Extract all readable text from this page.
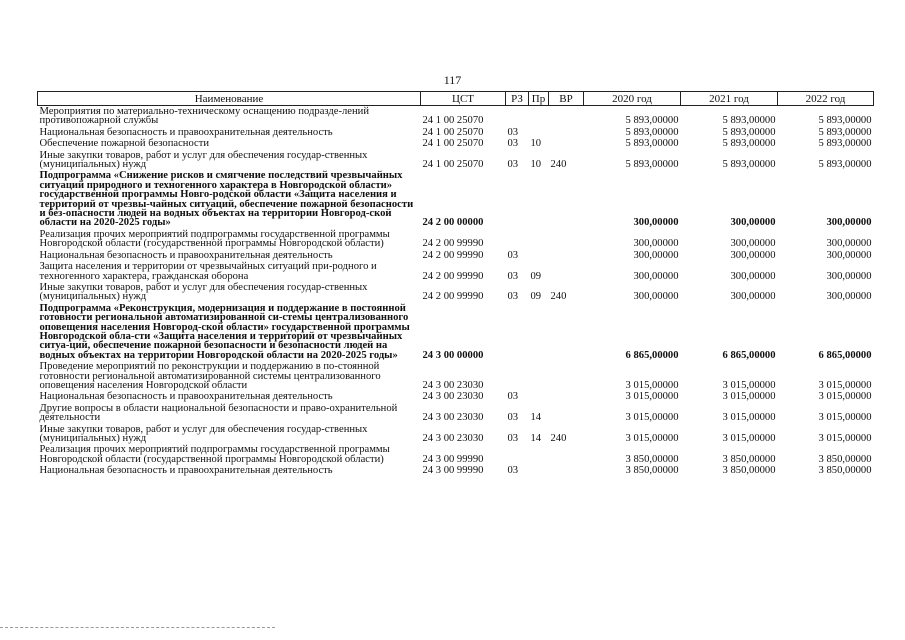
117
Наименование	ЦСТ	РЗ	Пр	ВР	2020 год	2021 год	2022 год
Мероприятия по материально-техническому оснащению подразде-лений противопожарной службы	24 1 00 25070				5 893,00000	5 893,00000	5 893,00000
Национальная безопасность и правоохранительная деятельность	24 1 00 25070	03			5 893,00000	5 893,00000	5 893,00000
Обеспечение пожарной безопасности	24 1 00 25070	03	10		5 893,00000	5 893,00000	5 893,00000
Иные закупки товаров, работ и услуг для обеспечения государ-ственных (муниципальных) нужд	24 1 00 25070	03	10	240	5 893,00000	5 893,00000	5 893,00000
Подпрограмма «Снижение рисков и смягчение последствий чрезвычайных ситуаций природного и техногенного характера в Новгородской области» государственной программы Новго-родской области «Защита населения и территорий от чрезвы-чайных ситуаций, обеспечение пожарной безопасности и без-опасности людей на водных объектах на территории Новгород-ской области на 2020-2025 годы»	24 2 00 00000				300,00000	300,00000	300,00000
Реализация прочих мероприятий подпрограммы государственной программы Новгородской области (государственной программы Новгородской области)	24 2 00 99990				300,00000	300,00000	300,00000
Национальная безопасность и правоохранительная деятельность	24 2 00 99990	03			300,00000	300,00000	300,00000
Защита населения и территории от чрезвычайных ситуаций при-родного и техногенного характера, гражданская оборона	24 2 00 99990	03	09		300,00000	300,00000	300,00000
Иные закупки товаров, работ и услуг для обеспечения государ-ственных (муниципальных) нужд	24 2 00 99990	03	09	240	300,00000	300,00000	300,00000
Подпрограмма «Реконструкция, модернизация и поддержание в постоянной готовности региональной автоматизированной си-стемы централизованного оповещения населения Новгород-ской области» государственной программы Новгородской обла-сти «Защита населения и территорий от чрезвычайных ситуа-ций, обеспечение пожарной безопасности и безопасности людей на водных объектах на территории Новгородской области на 2020-2025 годы»	24 3 00 00000				6 865,00000	6 865,00000	6 865,00000
Проведение мероприятий по реконструкции и поддержанию в по-стоянной готовности региональной автоматизированной системы централизованного оповещения населения Новгородской области	24 3 00 23030				3 015,00000	3 015,00000	3 015,00000
Национальная безопасность и правоохранительная деятельность	24 3 00 23030	03			3 015,00000	3 015,00000	3 015,00000
Другие вопросы в области национальной безопасности и право-охранительной деятельности	24 3 00 23030	03	14		3 015,00000	3 015,00000	3 015,00000
Иные закупки товаров, работ и услуг для обеспечения государ-ственных (муниципальных) нужд	24 3 00 23030	03	14	240	3 015,00000	3 015,00000	3 015,00000
Реализация прочих мероприятий подпрограммы государственной программы Новгородской области (государственной программы Новгородской области)	24 3 00 99990				3 850,00000	3 850,00000	3 850,00000
Национальная безопасность и правоохранительная деятельность	24 3 00 99990	03			3 850,00000	3 850,00000	3 850,00000
